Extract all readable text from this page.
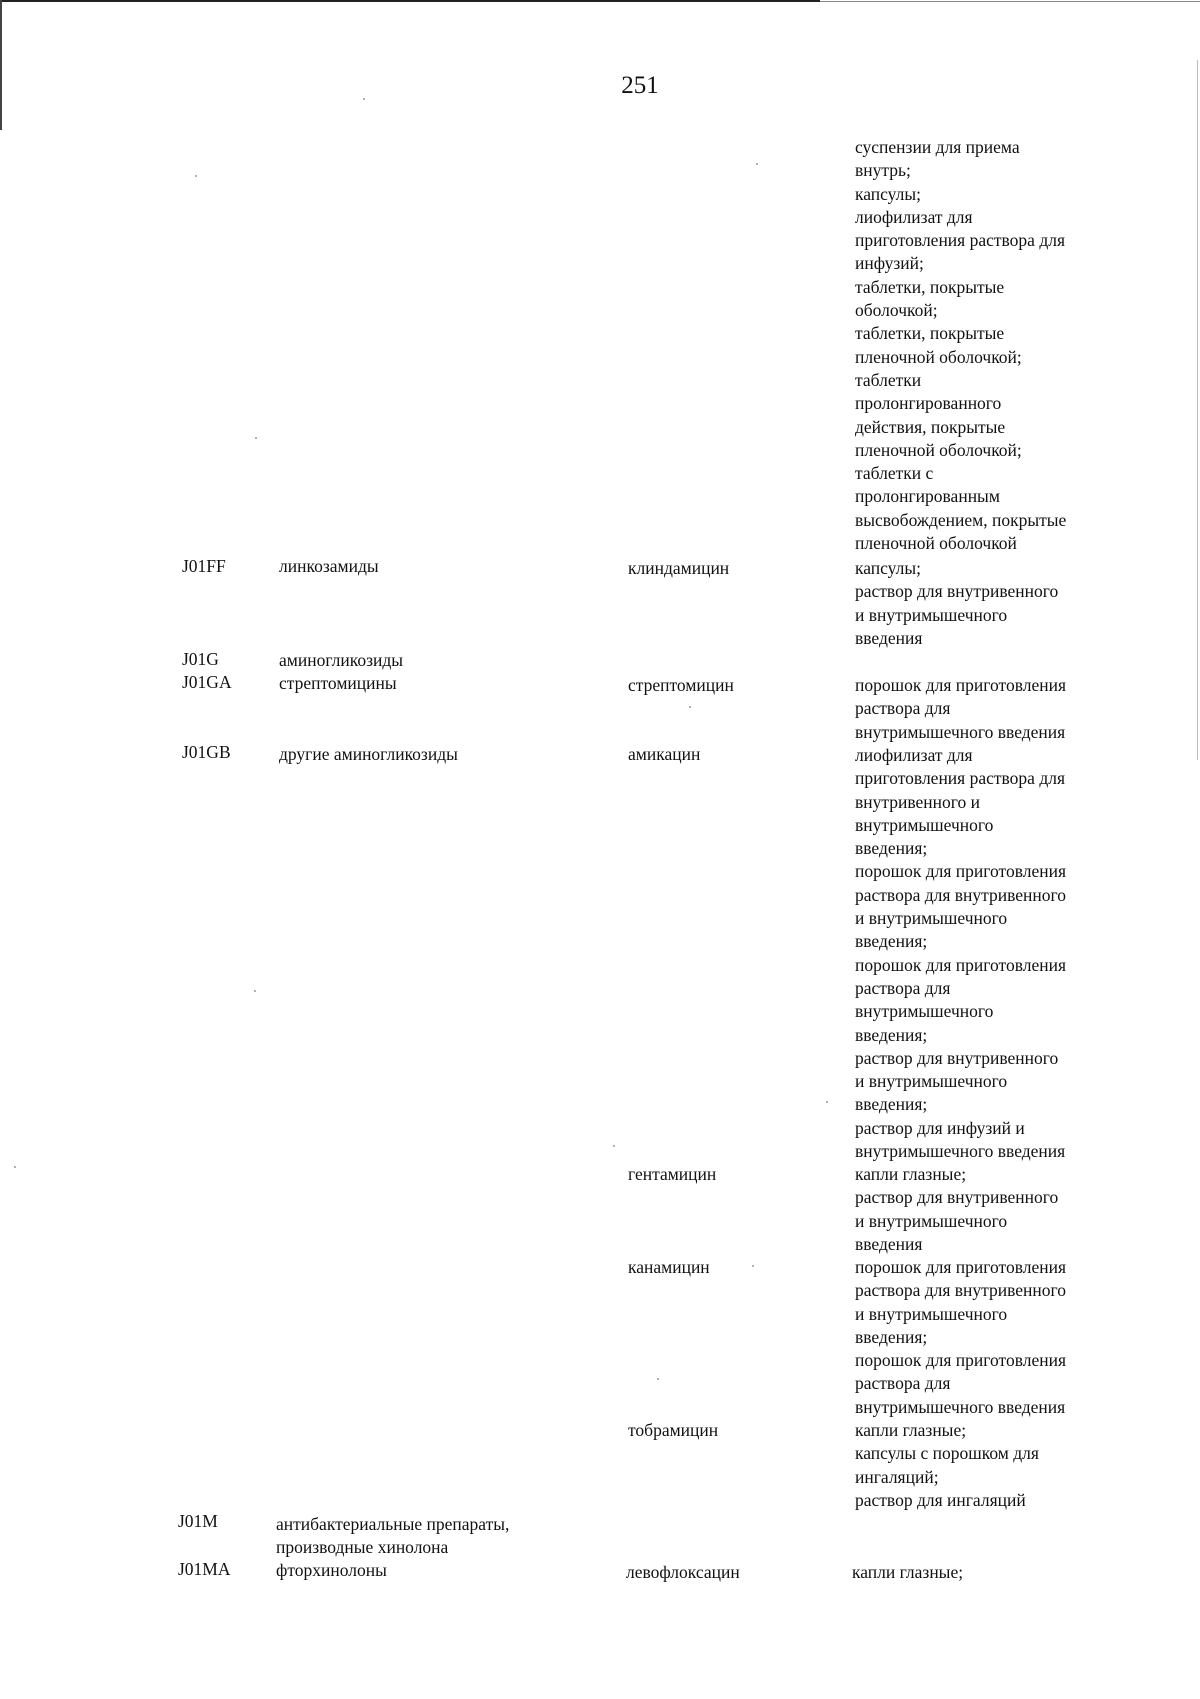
251
суспензии для приема
внутрь;
капсулы;
лиофилизат для
приготовления раствора для
инфузий;
таблетки, покрытые
оболочкой;
таблетки, покрытые
пленочной оболочкой;
таблетки
пролонгированного
действия, покрытые
пленочной оболочкой;
таблетки с
пролонгированным
высвобождением, покрытые
пленочной оболочкой
J01FF	линкозамиды	клиндамицин	капсулы;
раствор для внутривенного
и внутримышечного
введения
J01G	аминогликозиды
J01GA	стрептомицины	стрептомицин	порошок для приготовления
раствора для
внутримышечного введения
J01GB	другие аминогликозиды	амикацин	лиофилизат для
приготовления раствора для
внутривенного и
внутримышечного
введения;
порошок для приготовления
раствора для внутривенного
и внутримышечного
введения;
порошок для приготовления
раствора для
внутримышечного
введения;
раствор для внутривенного
и внутримышечного
введения;
раствор для инфузий и
внутримышечного введения
гентамицин	капли глазные;
раствор для внутривенного
и внутримышечного
введения
канамицин	порошок для приготовления
раствора для внутривенного
и внутримышечного
введения;
порошок для приготовления
раствора для
внутримышечного введения
тобрамицин	капли глазные;
капсулы с порошком для
ингаляций;
раствор для ингаляций
J01M	антибактериальные препараты,
производные хинолона
J01MA	фторхинолоны	левофлоксацин	капли глазные;
